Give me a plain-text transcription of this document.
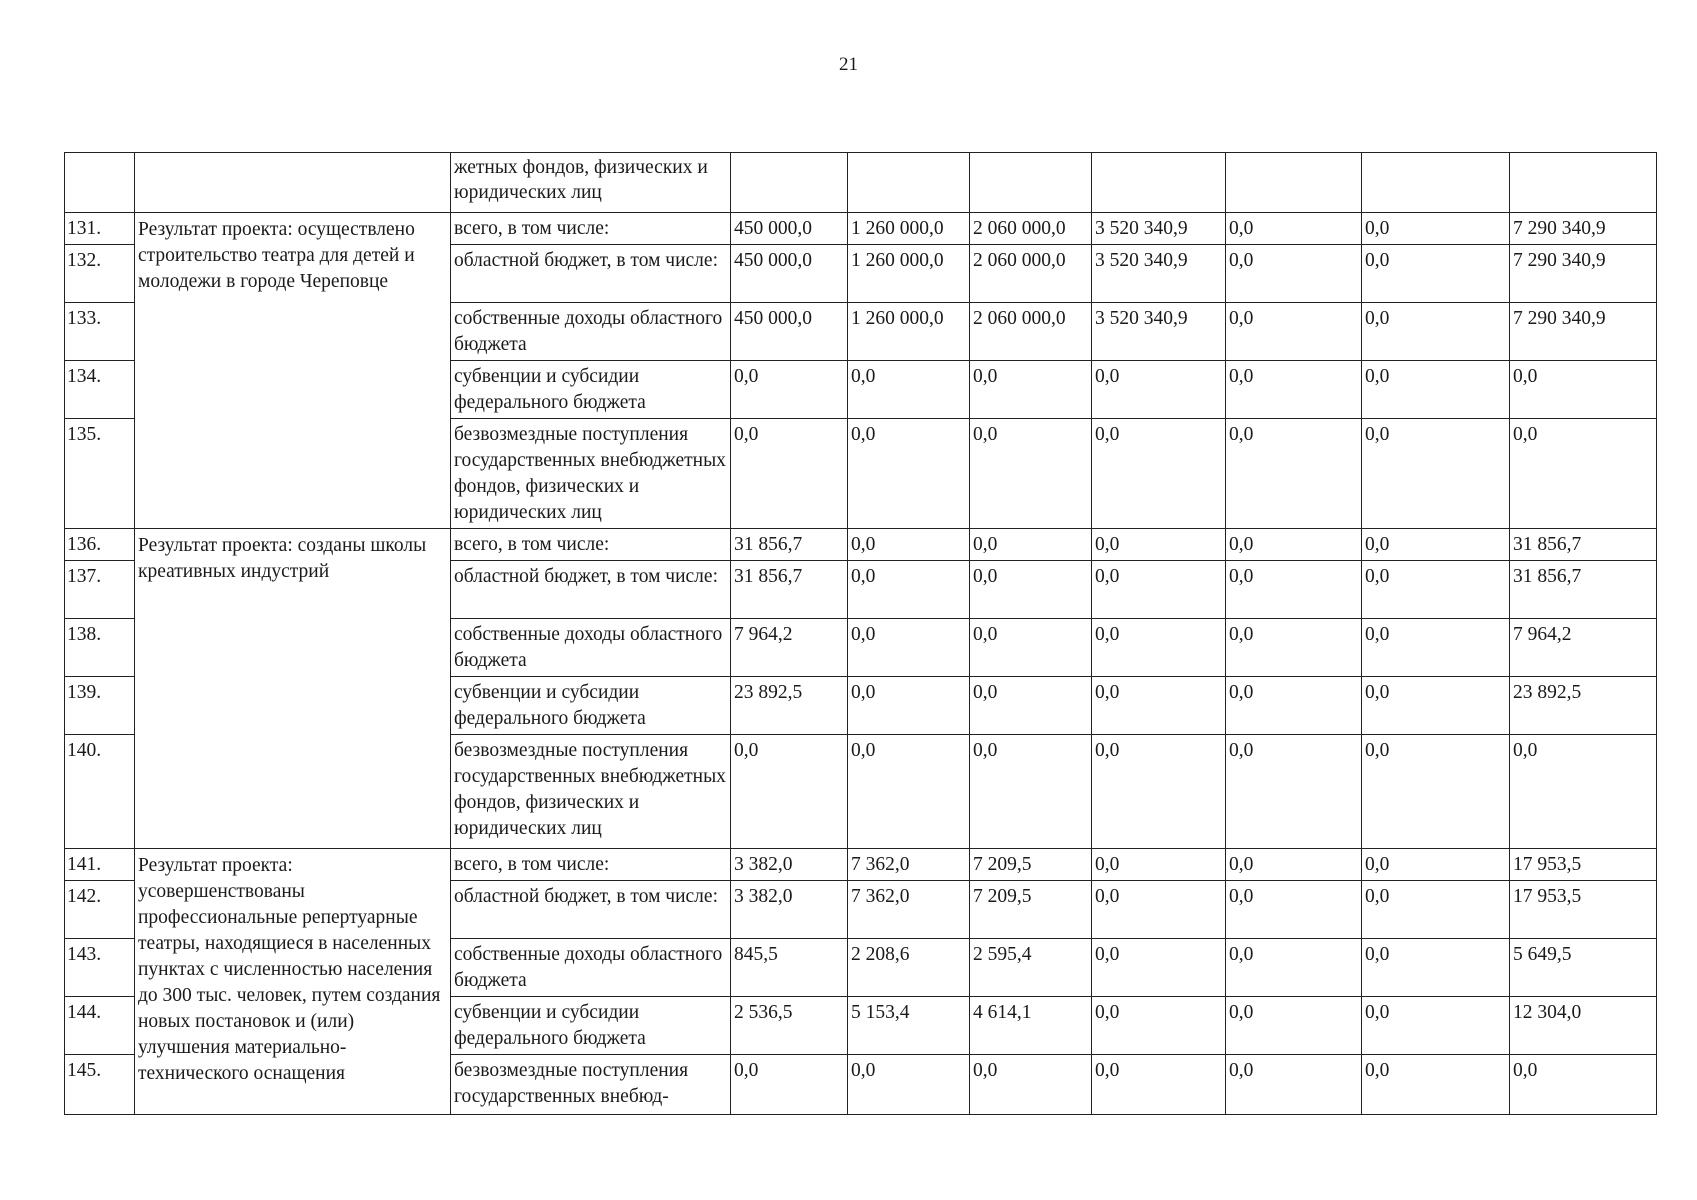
21
		жетных фондов, физических и юридических лиц							
131.	Результат проекта: осуществлено строительство театра для детей и молодежи в городе Череповце	всего, в том числе:	450 000,0	1 260 000,0	2 060 000,0	3 520 340,9	0,0	0,0	7 290 340,9
132.		областной бюджет, в том числе:	450 000,0	1 260 000,0	2 060 000,0	3 520 340,9	0,0	0,0	7 290 340,9
133.		собственные доходы областного бюджета	450 000,0	1 260 000,0	2 060 000,0	3 520 340,9	0,0	0,0	7 290 340,9
134.		субвенции и субсидии федерального бюджета	0,0	0,0	0,0	0,0	0,0	0,0	0,0
135.		безвозмездные поступления государственных внебюджетных фондов, физических и юридических лиц	0,0	0,0	0,0	0,0	0,0	0,0	0,0
136.	Результат проекта: созданы школы креативных индустрий	всего, в том числе:	31 856,7	0,0	0,0	0,0	0,0	0,0	31 856,7
137.		областной бюджет, в том числе:	31 856,7	0,0	0,0	0,0	0,0	0,0	31 856,7
138.		собственные доходы областного бюджета	7 964,2	0,0	0,0	0,0	0,0	0,0	7 964,2
139.		субвенции и субсидии федерального бюджета	23 892,5	0,0	0,0	0,0	0,0	0,0	23 892,5
140.		безвозмездные поступления государственных внебюджетных фондов, физических и юридических лиц	0,0	0,0	0,0	0,0	0,0	0,0	0,0
141.	Результат проекта: усовершенствованы профессиональные репертуарные театры, находящиеся в населенных пунктах с численностью населения до 300 тыс. человек, путем создания новых постановок и (или) улучшения материально-технического оснащения	всего, в том числе:	3 382,0	7 362,0	7 209,5	0,0	0,0	0,0	17 953,5
142.		областной бюджет, в том числе:	3 382,0	7 362,0	7 209,5	0,0	0,0	0,0	17 953,5
143.		собственные доходы областного бюджета	845,5	2 208,6	2 595,4	0,0	0,0	0,0	5 649,5
144.		субвенции и субсидии федерального бюджета	2 536,5	5 153,4	4 614,1	0,0	0,0	0,0	12 304,0
145.		безвозмездные поступления государственных внебюд-	0,0	0,0	0,0	0,0	0,0	0,0	0,0
